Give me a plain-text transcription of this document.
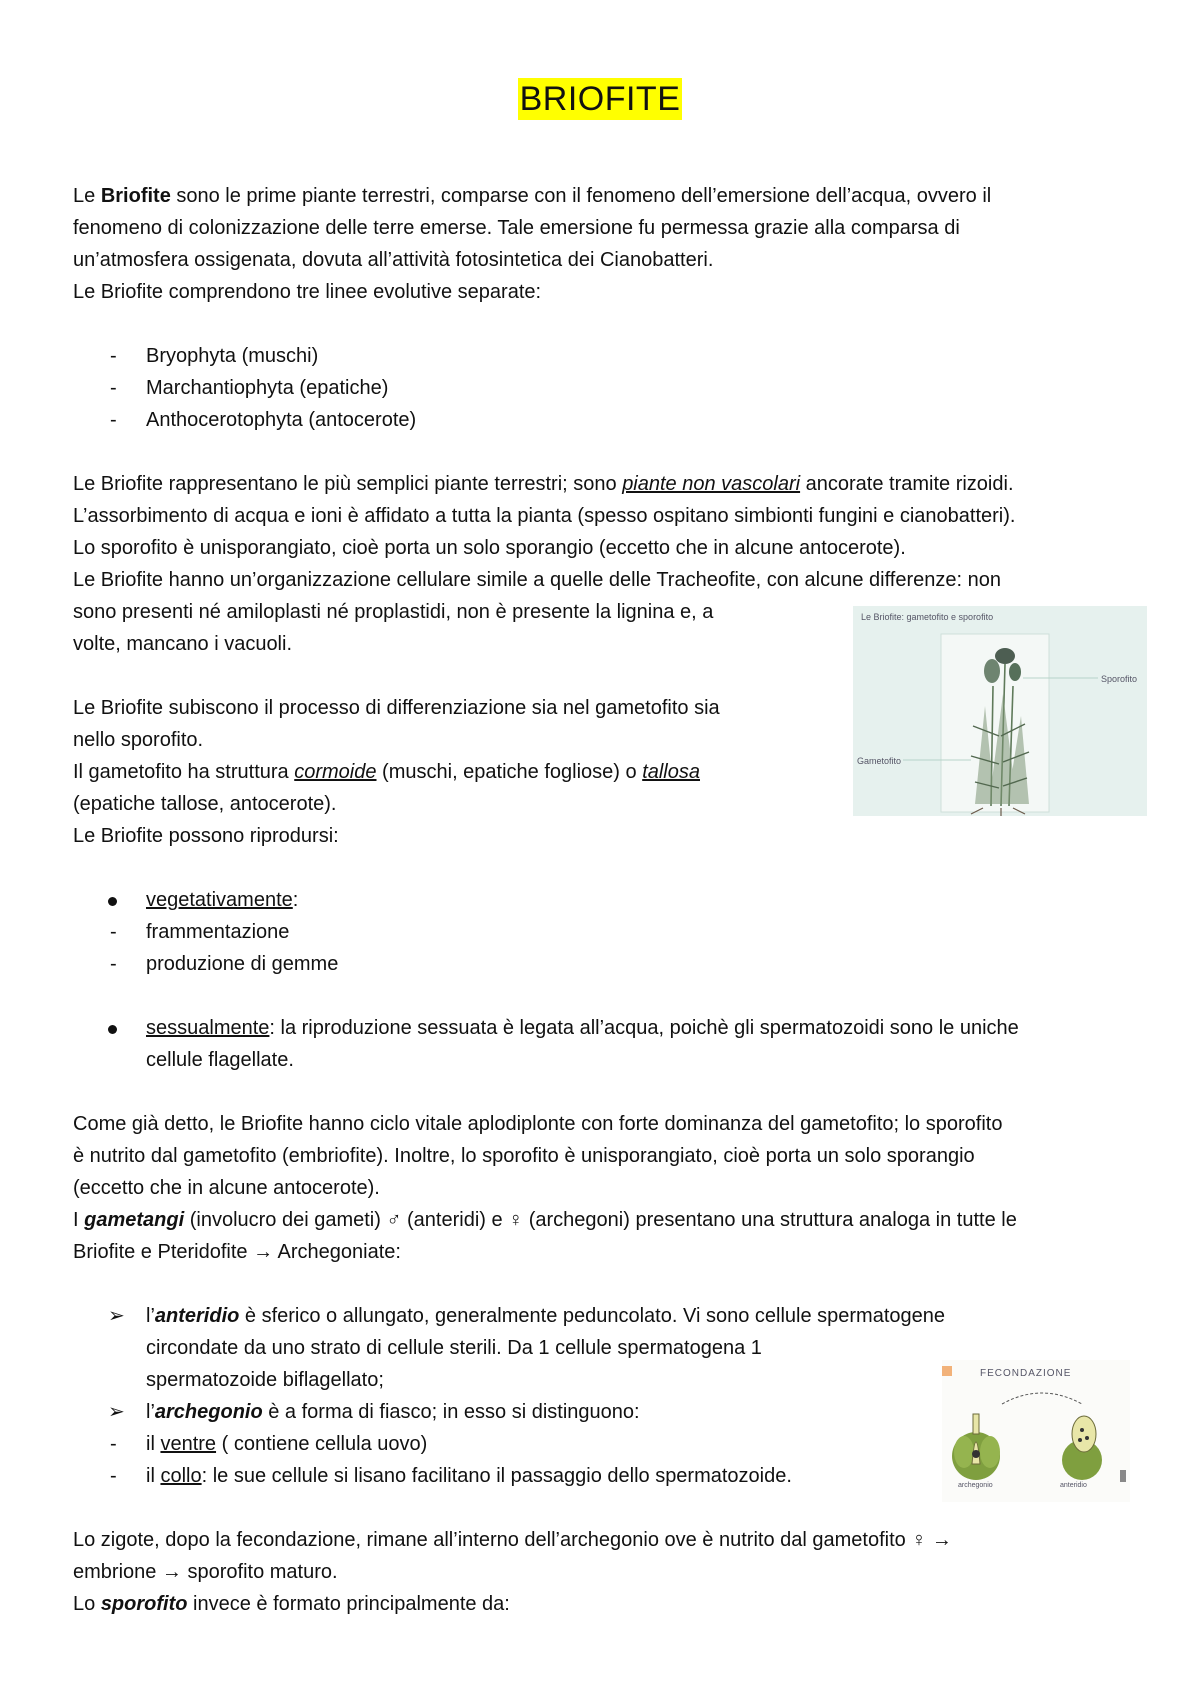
BRIOFITE
Le Briofite sono le prime piante terrestri, comparse con il fenomeno dell’emersione dell’acqua, ovvero il
fenomeno di colonizzazione delle terre emerse. Tale emersione fu permessa grazie alla comparsa di
un’atmosfera ossigenata, dovuta all’attività fotosintetica dei Cianobatteri.
Le Briofite comprendono tre linee evolutive separate:
- Bryophyta (muschi)
- Marchantiophyta (epatiche)
- Anthocerotophyta (antocerote)
Le Briofite rappresentano le più semplici piante terrestri; sono piante non vascolari ancorate tramite rizoidi.
L’assorbimento di acqua e ioni è affidato a tutta la pianta (spesso ospitano simbionti fungini e cianobatteri).
Lo sporofito è unisporangiato, cioè porta un solo sporangio (eccetto che in alcune antocerote).
Le Briofite hanno un’organizzazione cellulare simile a quelle delle Tracheofite, con alcune differenze: non
sono presenti né amiloplasti né proplastidi, non è presente la lignina e, a
volte, mancano i vacuoli.
Le Briofite subiscono il processo di differenziazione sia nel gametofito sia
nello sporofito.
Il gametofito ha struttura cormoide (muschi, epatiche fogliose) o tallosa
(epatiche tallose, antocerote).
Le Briofite possono riprodursi:
vegetativamente:
- frammentazione
- produzione di gemme
sessualmente: la riproduzione sessuata è legata all’acqua, poichè gli spermatozoidi sono le uniche
cellule flagellate.
Come già detto, le Briofite hanno ciclo vitale aplodiplonte con forte dominanza del gametofito; lo sporofito
è nutrito dal gametofito (embriofite). Inoltre, lo sporofito è unisporangiato, cioè porta un solo sporangio
(eccetto che in alcune antocerote).
I gametangi (involucro dei gameti) ♂ (anteridi) e ♀ (archegoni) presentano una struttura analoga in tutte le
Briofite e Pteridofite → Archegoniate:
➢ l’anteridio è sferico o allungato, generalmente peduncolato. Vi sono cellule spermatogene
circondate da uno strato di cellule sterili. Da 1 cellule spermatogena 1
spermatozoide biflagellato;
➢ l’archegonio è a forma di fiasco; in esso si distinguono:
- il ventre ( contiene cellula uovo)
- il collo: le sue cellule si lisano facilitano il passaggio dello spermatozoide.
Lo zigote, dopo la fecondazione, rimane all’interno dell’archegonio ove è nutrito dal gametofito ♀ →
embrione → sporofito maturo.
Lo sporofito invece è formato principalmente da:
Le Briofite: gametofito e sporofito
Sporofito
Gametofito
FECONDAZIONE
archegonio	anteridio
